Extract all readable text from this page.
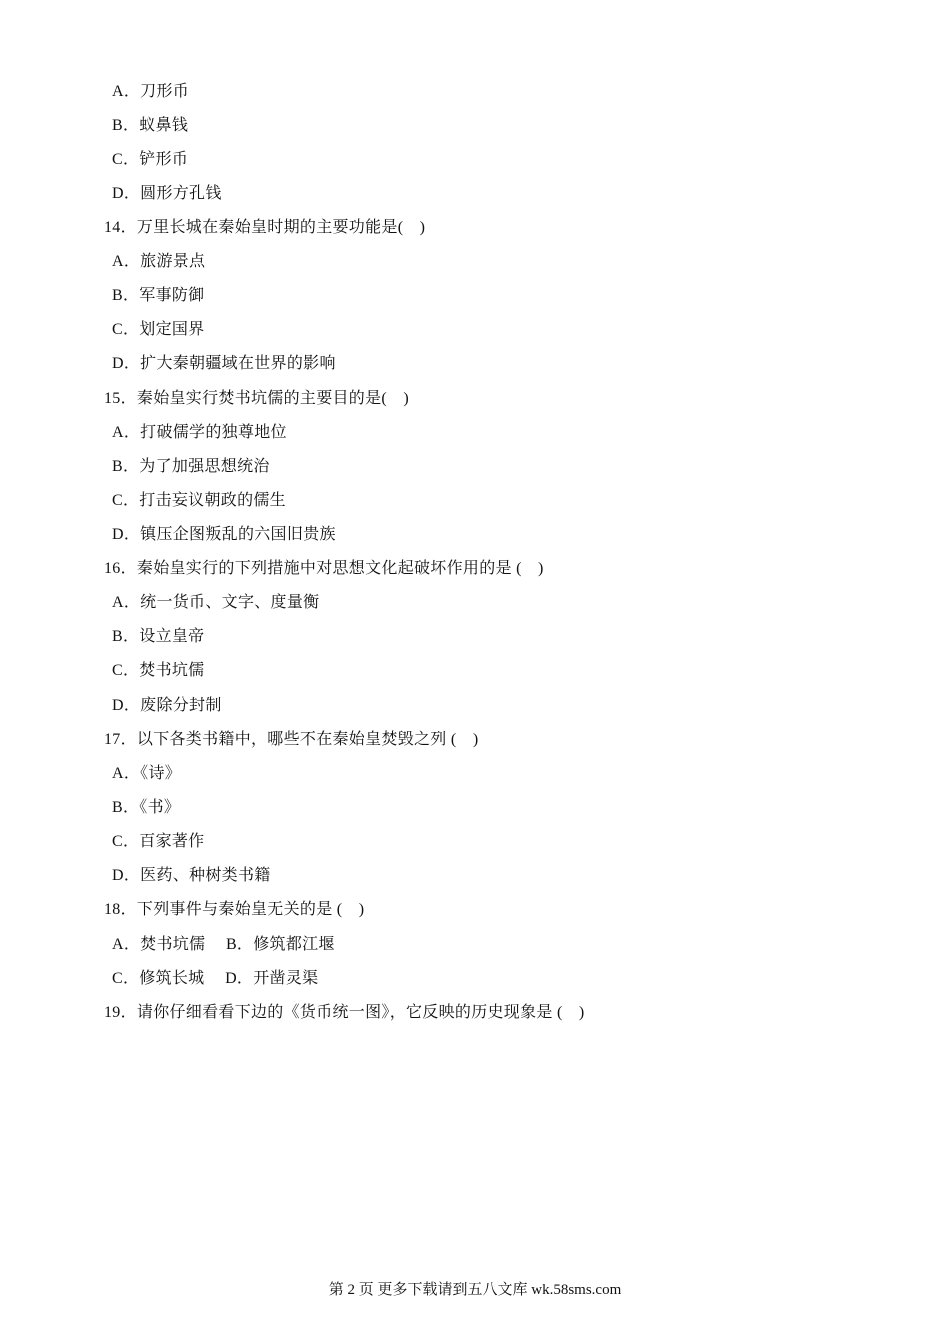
A．刀形币
B．蚁鼻钱
C．铲形币
D．圆形方孔钱
14．万里长城在秦始皇时期的主要功能是(　)
A．旅游景点
B．军事防御
C．划定国界
D．扩大秦朝疆域在世界的影响
15．秦始皇实行焚书坑儒的主要目的是(　)
A．打破儒学的独尊地位
B．为了加强思想统治
C．打击妄议朝政的儒生
D．镇压企图叛乱的六国旧贵族
16．秦始皇实行的下列措施中对思想文化起破坏作用的是 (　)
A．统一货币、文字、度量衡
B．设立皇帝
C．焚书坑儒
D．废除分封制
17．以下各类书籍中，哪些不在秦始皇焚毁之列 (　)
A．《诗》
B．《书》
C．百家著作
D．医药、种树类书籍
18．下列事件与秦始皇无关的是 (　)
A．焚书坑儒　 B．修筑都江堰
C．修筑长城　 D．开凿灵渠
19．请你仔细看看下边的《货币统一图》，它反映的历史现象是 (　)
第 2 页 更多下载请到五八文库 wk.58sms.com
